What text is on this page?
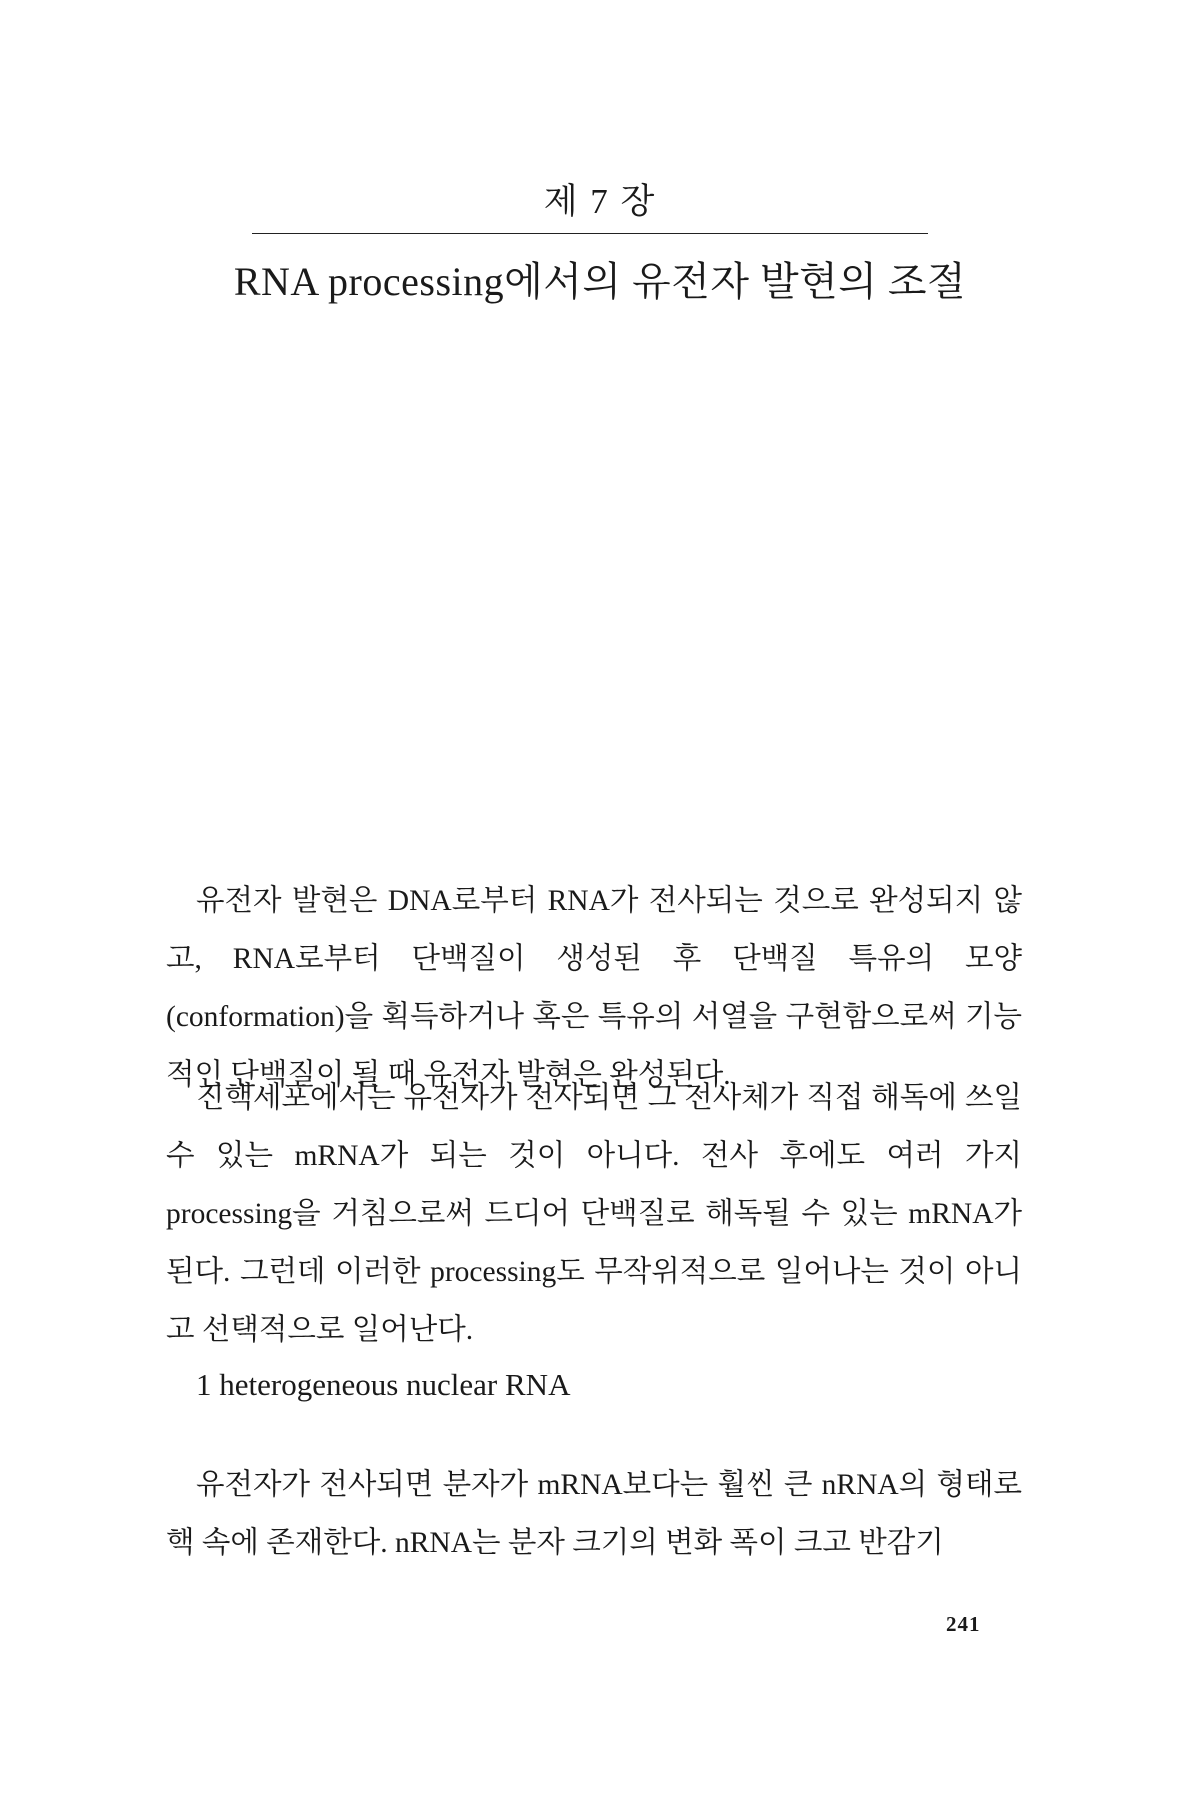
제 7 장
RNA processing에서의 유전자 발현의 조절

유전자 발현은 DNA로부터 RNA가 전사되는 것으로 완성되지 않고, RNA로부터 단백질이 생성된 후 단백질 특유의 모양(conformation)을 획득하거나 혹은 특유의 서열을 구현함으로써 기능적인 단백질이 될 때 유전자 발현은 완성된다.

진핵세포에서는 유전자가 전사되면 그 전사체가 직접 해독에 쓰일 수 있는 mRNA가 되는 것이 아니다. 전사 후에도 여러 가지 processing을 거침으로써 드디어 단백질로 해독될 수 있는 mRNA가 된다. 그런데 이러한 processing도 무작위적으로 일어나는 것이 아니고 선택적으로 일어난다.

1 heterogeneous nuclear RNA

유전자가 전사되면 분자가 mRNA보다는 훨씬 큰 nRNA의 형태로 핵 속에 존재한다. nRNA는 분자 크기의 변화 폭이 크고 반감기

241
